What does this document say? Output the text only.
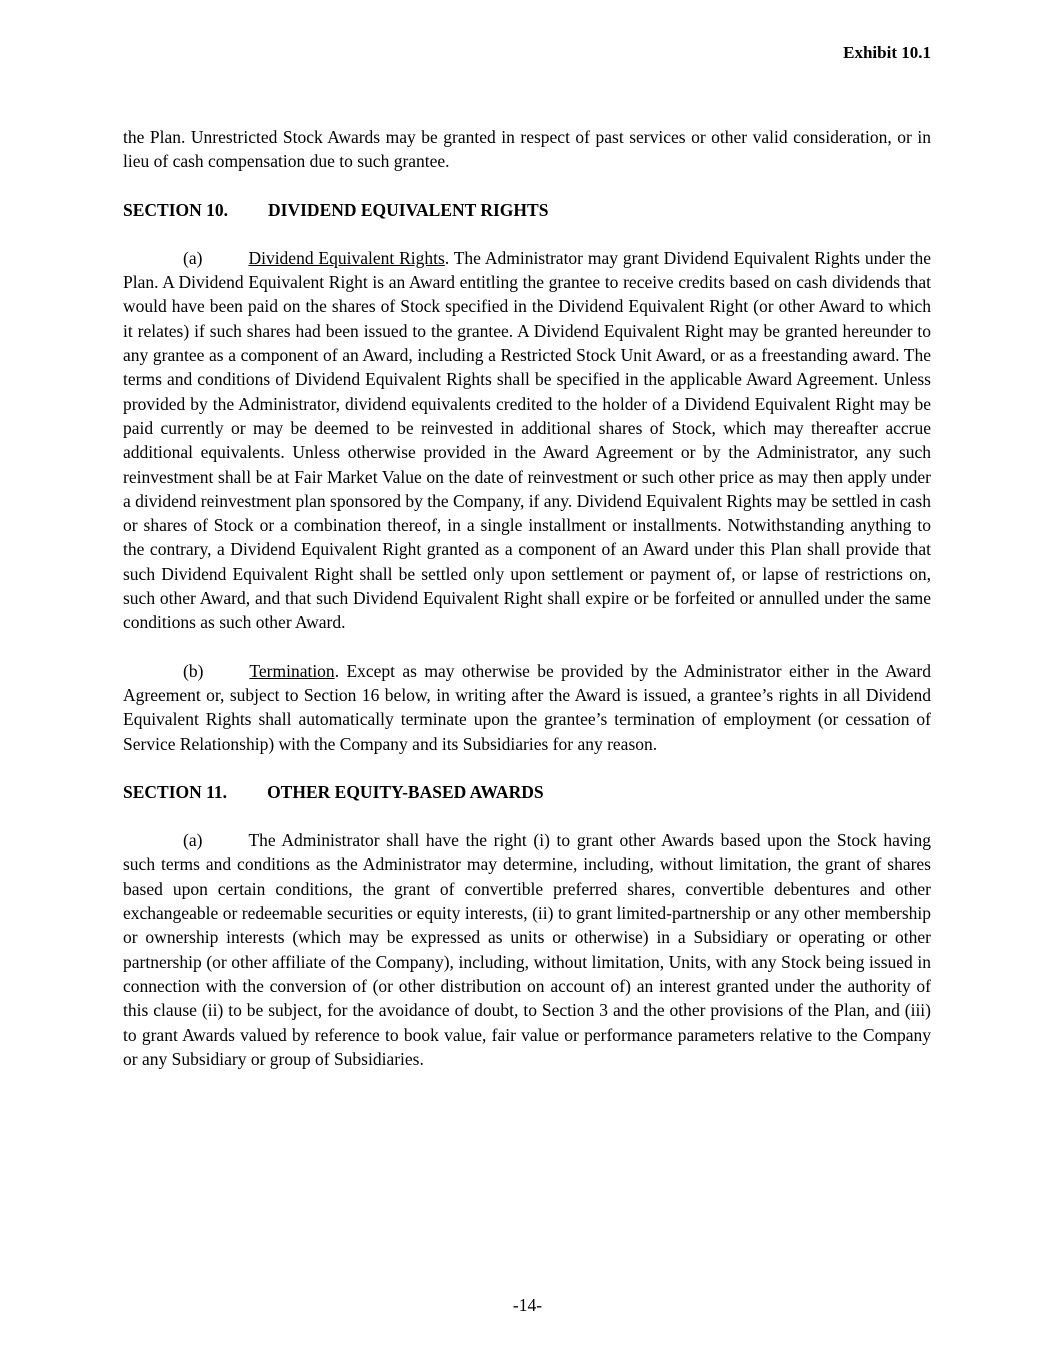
Exhibit 10.1

the Plan. Unrestricted Stock Awards may be granted in respect of past services or other valid consideration, or in lieu of cash compensation due to such grantee.

SECTION 10. DIVIDEND EQUIVALENT RIGHTS

(a)	Dividend Equivalent Rights. The Administrator may grant Dividend Equivalent Rights under the Plan. A Dividend Equivalent Right is an Award entitling the grantee to receive credits based on cash dividends that would have been paid on the shares of Stock specified in the Dividend Equivalent Right (or other Award to which it relates) if such shares had been issued to the grantee. A Dividend Equivalent Right may be granted hereunder to any grantee as a component of an Award, including a Restricted Stock Unit Award, or as a freestanding award. The terms and conditions of Dividend Equivalent Rights shall be specified in the applicable Award Agreement. Unless provided by the Administrator, dividend equivalents credited to the holder of a Dividend Equivalent Right may be paid currently or may be deemed to be reinvested in additional shares of Stock, which may thereafter accrue additional equivalents. Unless otherwise provided in the Award Agreement or by the Administrator, any such reinvestment shall be at Fair Market Value on the date of reinvestment or such other price as may then apply under a dividend reinvestment plan sponsored by the Company, if any. Dividend Equivalent Rights may be settled in cash or shares of Stock or a combination thereof, in a single installment or installments. Notwithstanding anything to the contrary, a Dividend Equivalent Right granted as a component of an Award under this Plan shall provide that such Dividend Equivalent Right shall be settled only upon settlement or payment of, or lapse of restrictions on, such other Award, and that such Dividend Equivalent Right shall expire or be forfeited or annulled under the same conditions as such other Award.

(b)	Termination. Except as may otherwise be provided by the Administrator either in the Award Agreement or, subject to Section 16 below, in writing after the Award is issued, a grantee’s rights in all Dividend Equivalent Rights shall automatically terminate upon the grantee’s termination of employment (or cessation of Service Relationship) with the Company and its Subsidiaries for any reason.

SECTION 11. OTHER EQUITY-BASED AWARDS

(a)	The Administrator shall have the right (i) to grant other Awards based upon the Stock having such terms and conditions as the Administrator may determine, including, without limitation, the grant of shares based upon certain conditions, the grant of convertible preferred shares, convertible debentures and other exchangeable or redeemable securities or equity interests, (ii) to grant limited-partnership or any other membership or ownership interests (which may be expressed as units or otherwise) in a Subsidiary or operating or other partnership (or other affiliate of the Company), including, without limitation, Units, with any Stock being issued in connection with the conversion of (or other distribution on account of) an interest granted under the authority of this clause (ii) to be subject, for the avoidance of doubt, to Section 3 and the other provisions of the Plan, and (iii) to grant Awards valued by reference to book value, fair value or performance parameters relative to the Company or any Subsidiary or group of Subsidiaries.

-14-
